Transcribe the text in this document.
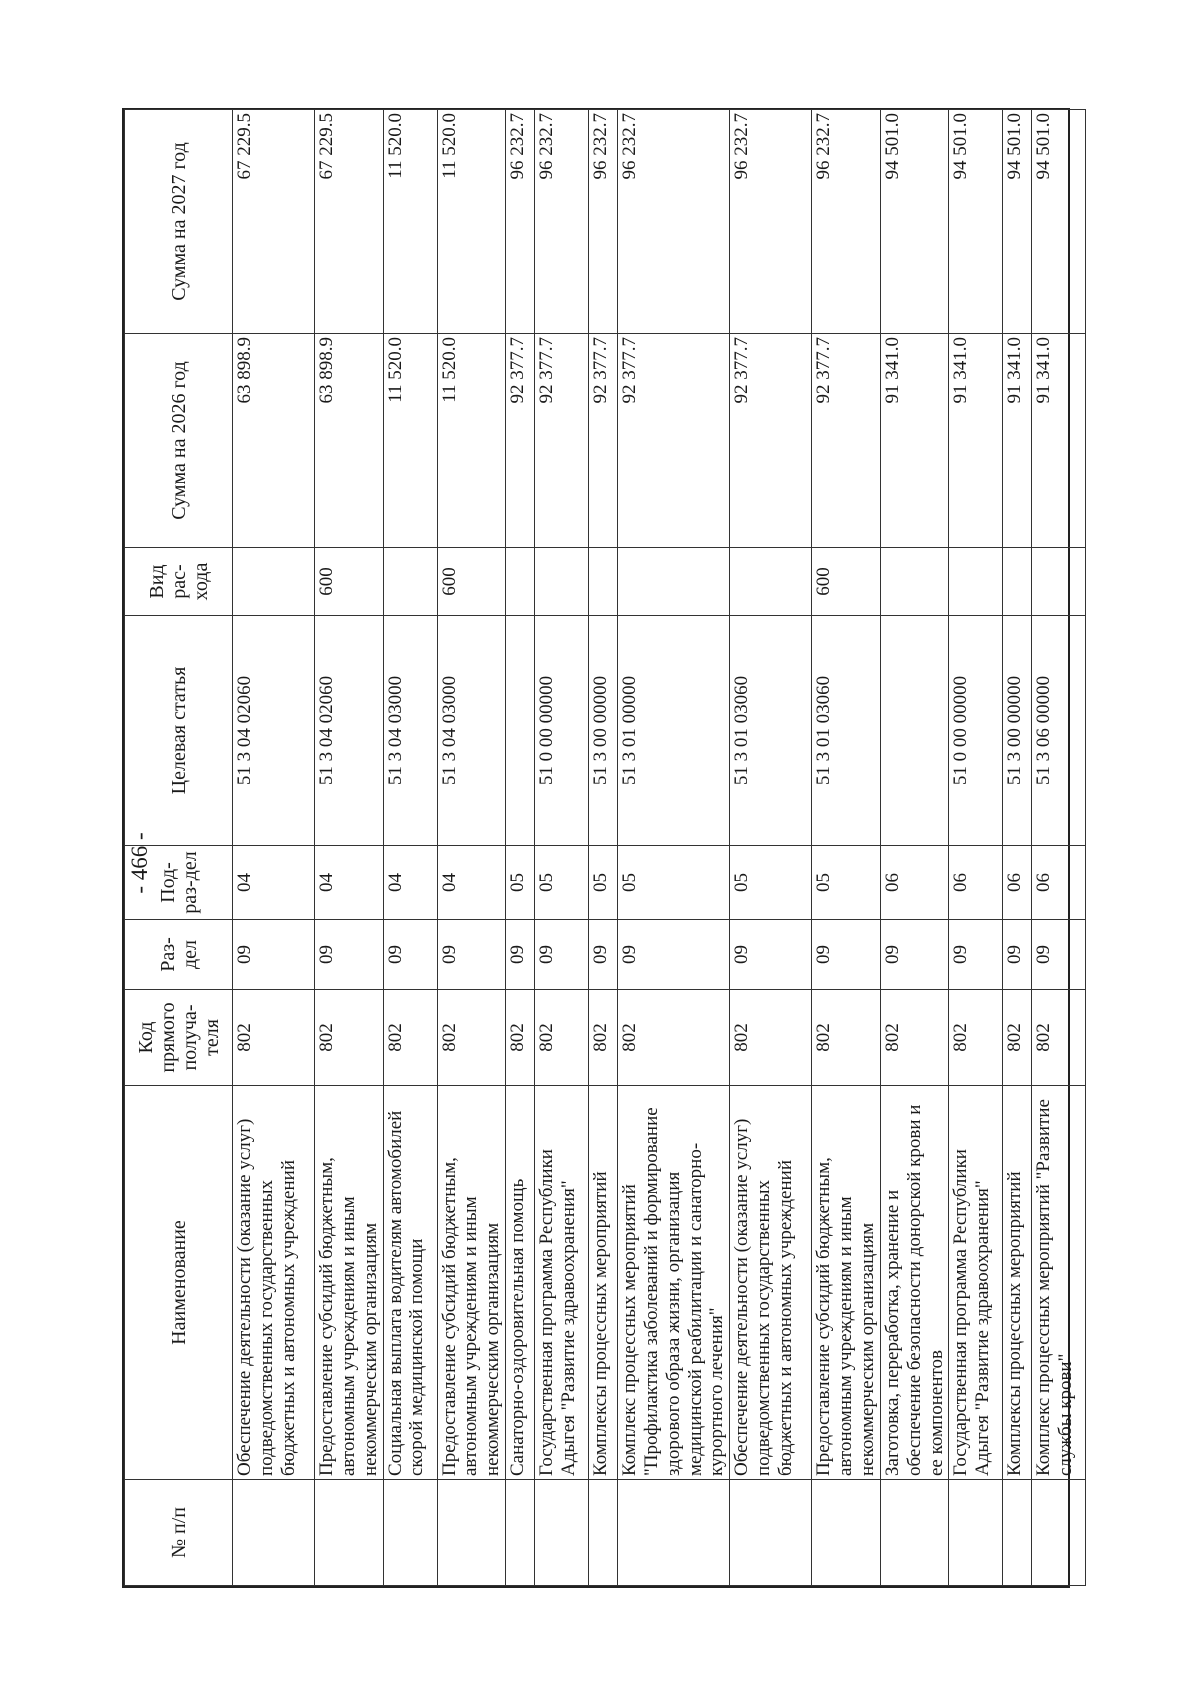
- 466 -
№ п/п	Наименование	Код прямого получа-теля	Раз-дел	Под-раз-дел	Целевая статья	Вид рас-хода	Сумма на 2026 год	Сумма на 2027 год
	Обеспечение деятельности (оказание услуг) подведомственных государственных бюджетных и автономных учреждений	802	09	04	51 3 04 02060		63 898.9	67 229.5
	Предоставление субсидий бюджетным, автономным учреждениям и иным некоммерческим организациям	802	09	04	51 3 04 02060	600	63 898.9	67 229.5
	Социальная выплата водителям автомобилей скорой медицинской помощи	802	09	04	51 3 04 03000		11 520.0	11 520.0
	Предоставление субсидий бюджетным, автономным учреждениям и иным некоммерческим организациям	802	09	04	51 3 04 03000	600	11 520.0	11 520.0
	Санаторно-оздоровительная помощь	802	09	05			92 377.7	96 232.7
	Государственная программа Республики Адыгея "Развитие здравоохранения"	802	09	05	51 0 00 00000		92 377.7	96 232.7
	Комплексы процессных мероприятий	802	09	05	51 3 00 00000		92 377.7	96 232.7
	Комплекс процессных мероприятий "Профилактика заболеваний и формирование здорового образа жизни, организация медицинской реабилитации и санаторно-курортного лечения"	802	09	05	51 3 01 00000		92 377.7	96 232.7
	Обеспечение деятельности (оказание услуг) подведомственных государственных бюджетных и автономных учреждений	802	09	05	51 3 01 03060		92 377.7	96 232.7
	Предоставление субсидий бюджетным, автономным учреждениям и иным некоммерческим организациям	802	09	05	51 3 01 03060	600	92 377.7	96 232.7
	Заготовка, переработка, хранение и обеспечение безопасности донорской крови и ее компонентов	802	09	06			91 341.0	94 501.0
	Государственная программа Республики Адыгея "Развитие здравоохранения"	802	09	06	51 0 00 00000		91 341.0	94 501.0
	Комплексы процессных мероприятий	802	09	06	51 3 00 00000		91 341.0	94 501.0
	Комплекс процессных мероприятий "Развитие службы крови"	802	09	06	51 3 06 00000		91 341.0	94 501.0
